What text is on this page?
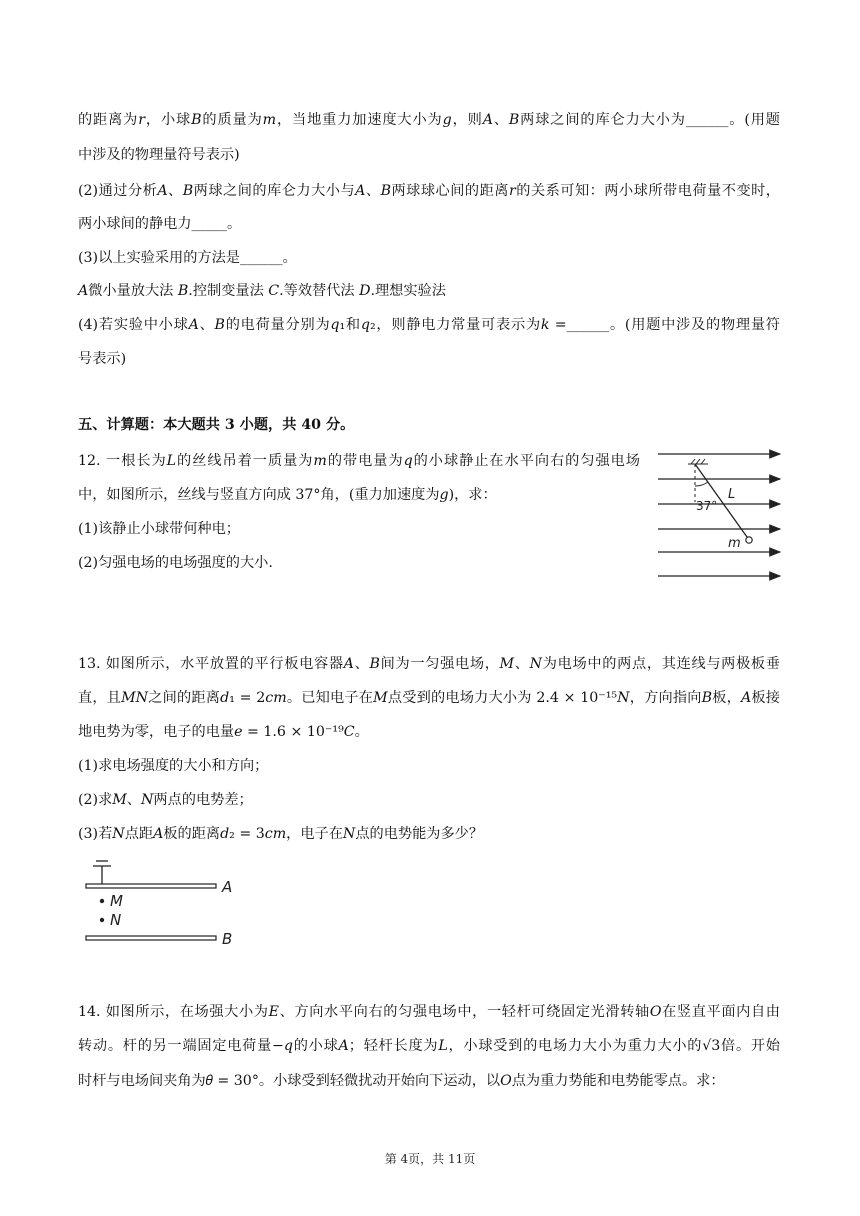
的距离为𝑟，小球𝐵的质量为𝑚，当地重力加速度大小为𝑔，则𝐴、𝐵两球之间的库仑力大小为______。(用题
中涉及的物理量符号表示)
(2)通过分析𝐴、𝐵两球之间的库仑力大小与𝐴、𝐵两球球心间的距离𝑟的关系可知：两小球所带电荷量不变时，
两小球间的静电力_____。
(3)以上实验采用的方法是______。
𝐴微小量放大法 𝐵.控制变量法 𝐶.等效替代法 𝐷.理想实验法
(4)若实验中小球𝐴、𝐵的电荷量分别为𝑞₁和𝑞₂，则静电力常量可表示为𝑘 =______。(用题中涉及的物理量符
号表示)
五、计算题：本大题共 3 小题，共 40 分。
12. 一根长为𝐿的丝线吊着一质量为𝑚的带电量为𝑞的小球静止在水平向右的匀强电场
中，如图所示，丝线与竖直方向成 37°角，(重力加速度为𝑔)，求：
(1)该静止小球带何种电；
(2)匀强电场的电场强度的大小.
37°
L
m
13. 如图所示，水平放置的平行板电容器𝐴、𝐵间为一匀强电场，𝑀、𝑁为电场中的两点，其连线与两极板垂
直，且𝑀𝑁之间的距离𝑑₁ = 2𝑐𝑚。已知电子在𝑀点受到的电场力大小为 2.4 × 10⁻¹⁵𝑁，方向指向𝐵板，𝐴板接
地电势为零，电子的电量𝑒 = 1.6 × 10⁻¹⁹𝐶。
(1)求电场强度的大小和方向；
(2)求𝑀、𝑁两点的电势差；
(3)若𝑁点距𝐴板的距离𝑑₂ = 3𝑐𝑚，电子在𝑁点的电势能为多少？
M
N
A
B
14. 如图所示，在场强大小为𝐸、方向水平向右的匀强电场中，一轻杆可绕固定光滑转轴𝑂在竖直平面内自由
转动。杆的另一端固定电荷量−𝑞的小球𝐴；轻杆长度为𝐿，小球受到的电场力大小为重力大小的√3倍。开始
时杆与电场间夹角为𝜃 = 30°。小球受到轻微扰动开始向下运动，以𝑂点为重力势能和电势能零点。求：
第 4页，共 11页
